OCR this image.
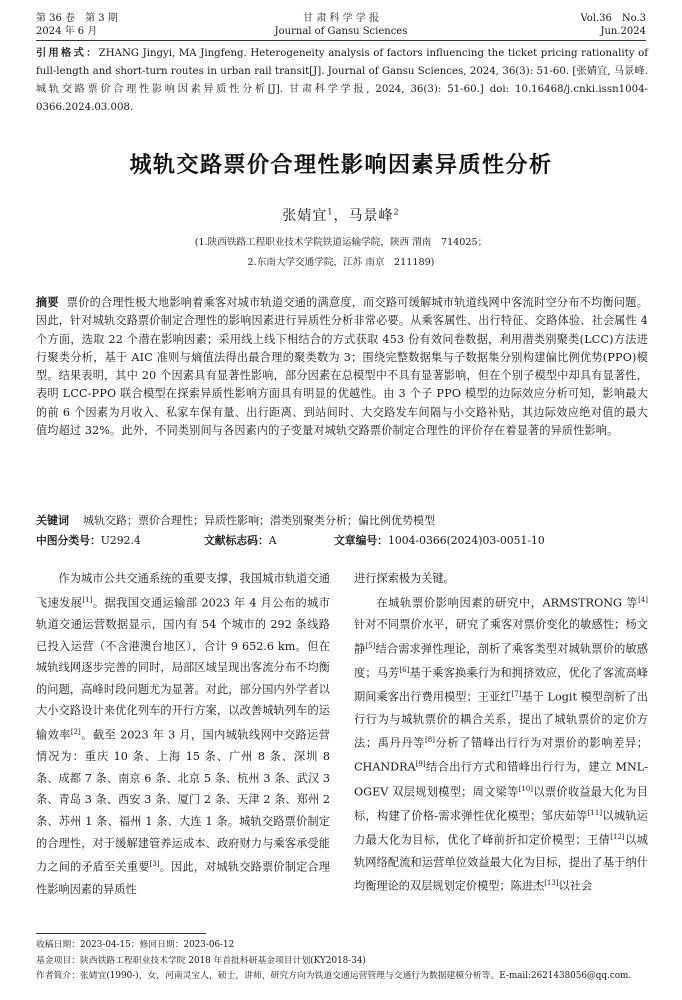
第 36 卷　第 3 期
2024 年 6 月
甘 肃 科 学 学 报
Journal of Gansu Sciences
Vol.36　No.3
Jun.2024
引用格式：ZHANG Jingyi, MA Jingfeng. Heterogeneity analysis of factors influencing the ticket pricing rationality of full-length and short-turn routes in urban rail transit[J]. Journal of Gansu Sciences, 2024, 36(3): 51-60. [张婧宜, 马景峰. 城轨交路票价合理性影响因素异质性分析[J]. 甘肃科学学报, 2024, 36(3): 51-60.] doi: 10.16468/j.cnki.issn1004-0366.2024.03.008.
城轨交路票价合理性影响因素异质性分析
张婧宜$^1$，马景峰$^2$
(1.陕西铁路工程职业技术学院铁道运输学院，陕西 渭南　714025；
2.东南大学交通学院，江苏 南京　211189)
摘要 票价的合理性极大地影响着乘客对城市轨道交通的满意度，而交路可缓解城市轨道线网中客流时空分布不均衡问题。因此，针对城轨交路票价制定合理性的影响因素进行异质性分析非常必要。从乘客属性、出行特征、交路体验、社会属性 4 个方面，选取 22 个潜在影响因素；采用线上线下相结合的方式获取 453 份有效问卷数据，利用潜类别聚类(LCC)方法进行聚类分析，基于 AIC 准则与熵值法得出最合理的聚类数为 3；围绕完整数据集与子数据集分别构建偏比例优势(PPO)模型。结果表明，其中 20 个因素具有显著性影响，部分因素在总模型中不具有显著影响，但在个别子模型中却具有显著性，表明 LCC-PPO 联合模型在探索异质性影响方面具有明显的优越性。由 3 个子 PPO 模型的边际效应分析可知，影响最大的前 6 个因素为月收入、私家车保有量、出行距离、到站间时、大交路发车间隔与小交路补贴，其边际效应绝对值的最大值均超过 32%。此外，不同类别间与各因素内的子变量对城轨交路票价制定合理性的评价存在着显著的异质性影响。
关键词 城轨交路；票价合理性；异质性影响；潜类别聚类分析；偏比例优势模型
中图分类号：U292.4	文献标志码：A	文章编号：1004-0366(2024)03-0051-10

作为城市公共交通系统的重要支撑，我国城市轨道交通飞速发展[1]。据我国交通运输部 2023 年 4 月公布的城市轨道交通运营数据显示，国内有 54 个城市的 292 条线路已投入运营（不含港澳台地区），合计 9 652.6 km。但在城轨线网逐步完善的同时，局部区域呈现出客流分布不均衡的问题，高峰时段问题尤为显著。对此，部分国内外学者以大小交路设计来优化列车的开行方案，以改善城轨列车的运输效率[2]。截至 2023 年 3 月，国内城轨线网中交路运营情况为：重庆 10 条、上海 15 条、广州 8 条、深圳 8 条、成都 7 条、南京 6 条、北京 5 条、杭州 3 条、武汉 3 条、青岛 3 条、西安 3 条、厦门 2 条、天津 2 条、郑州 2 条、苏州 1 条、福州 1 条、大连 1 条。城轨交路票价制定的合理性，对于缓解建管养运成本、政府财力与乘客承受能力之间的矛盾至关重要[3]。因此，对城轨交路票价制定合理性影响因素的异质性

进行探索极为关键。

在城轨票价影响因素的研究中，ARMSTRONG 等[4]针对不同票价水平，研究了乘客对票价变化的敏感性；杨文静[5]结合需求弹性理论，剖析了乘客类型对城轨票价的敏感度；马芳[6]基于乘客换乘行为和拥挤效应，优化了客流高峰期间乘客出行费用模型；王亚红[7]基于 Logit 模型剖析了出行行为与城轨票价的耦合关系，提出了城轨票价的定价方法；禹丹丹等[8]分析了错峰出行行为对票价的影响差异；CHANDRA[9]结合出行方式和错峰出行行为，建立 MNL-OGEV 双层规划模型；周文梁等[10]以票价收益最大化为目标，构建了价格-需求弹性优化模型；邹庆茹等[11]以城轨运力最大化为目标，优化了峰前折扣定价模型；王倩[12]以城轨网络配流和运营单位效益最大化为目标，提出了基于纳什均衡理论的双层规划定价模型；陈进杰[13]以社会

收稿日期：2023-04-15；修回日期：2023-06-12
基金项目：陕西铁路工程职业技术学院 2018 年首批科研基金项目计划(KY2018-34)
作者简介：张婧宜(1990-)，女，河南灵宝人，硕士，讲师，研究方向为铁道交通运营管理与交通行为数据建模分析等。E-mail:2621438056@qq.com.
